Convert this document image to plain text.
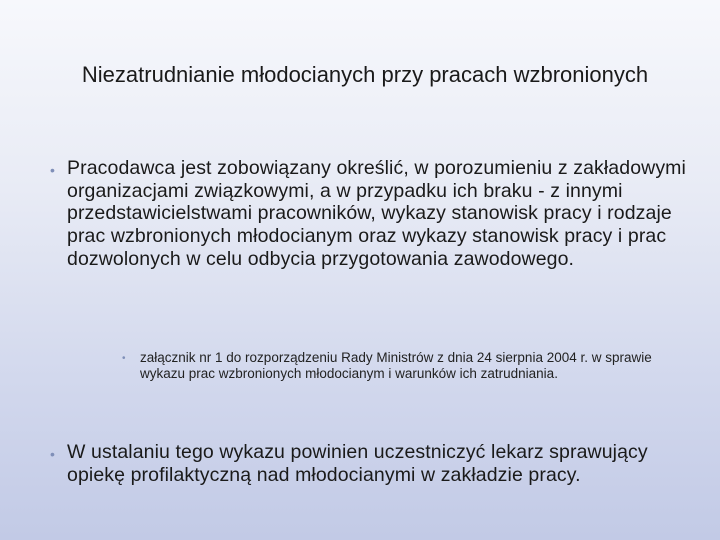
Niezatrudnianie młodocianych przy pracach wzbronionych
• Pracodawca jest zobowiązany określić, w porozumieniu z zakładowymi organizacjami związkowymi, a w przypadku ich braku - z innymi przedstawicielstwami pracowników, wykazy stanowisk pracy i rodzaje prac wzbronionych młodocianym oraz wykazy stanowisk pracy i prac dozwolonych w celu odbycia przygotowania zawodowego.
•	załącznik nr 1 do rozporządzeniu Rady Ministrów z dnia 24 sierpnia 2004 r. w sprawie wykazu prac wzbronionych młodocianym i warunków ich zatrudniania.
• W ustalaniu tego wykazu powinien uczestniczyć lekarz sprawujący opiekę profilaktyczną nad młodocianymi w zakładzie pracy.
